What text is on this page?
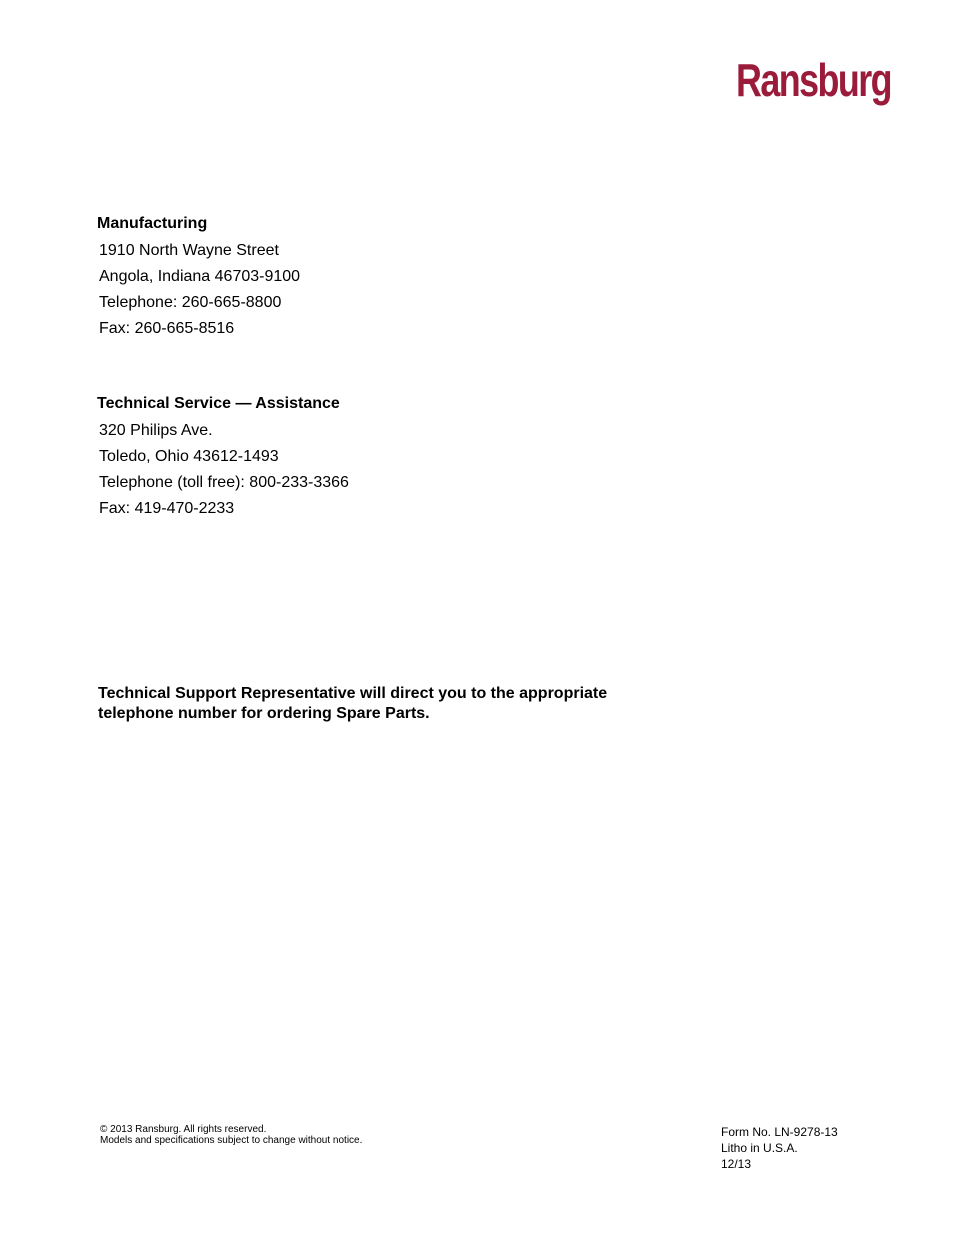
Ransburg
Manufacturing
1910 North Wayne Street
Angola, Indiana 46703-9100
Telephone: 260-665-8800
Fax: 260-665-8516
Technical Service — Assistance
320 Philips Ave.
Toledo, Ohio 43612-1493
Telephone (toll free): 800-233-3366
Fax: 419-470-2233
Technical Support Representative will direct you to the appropriate
telephone number for ordering Spare Parts.
© 2013 Ransburg. All rights reserved.
Models and specifications subject to change without notice.
Form No. LN-9278-13
Litho in U.S.A.
12/13
